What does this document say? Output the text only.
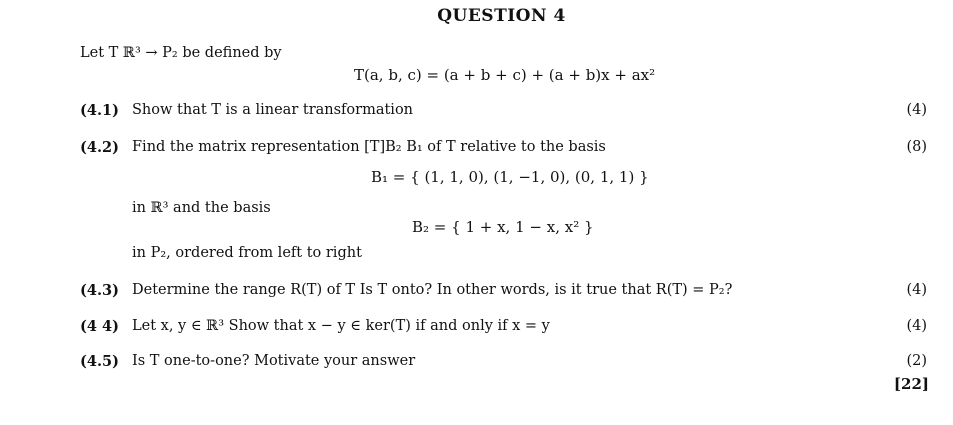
QUESTION 4
Let T ℝ³ → P₂ be defined by
T(a, b, c) = (a + b + c) + (a + b)x + ax²
(4.1) Show that T is a linear transformation	(4)
(4.2) Find the matrix representation [T]B₂ B₁ of T relative to the basis	(8)
B₁ = { (1, 1, 0), (1, −1, 0), (0, 1, 1) }
in ℝ³ and the basis
B₂ = { 1 + x, 1 − x, x² }
in P₂, ordered from left to right
(4.3) Determine the range R(T) of T Is T onto? In other words, is it true that R(T) = P₂?	(4)
(4 4) Let x, y ∈ ℝ³ Show that x − y ∈ ker(T) if and only if x = y	(4)
(4.5) Is T one-to-one? Motivate your answer	(2)
[22]
